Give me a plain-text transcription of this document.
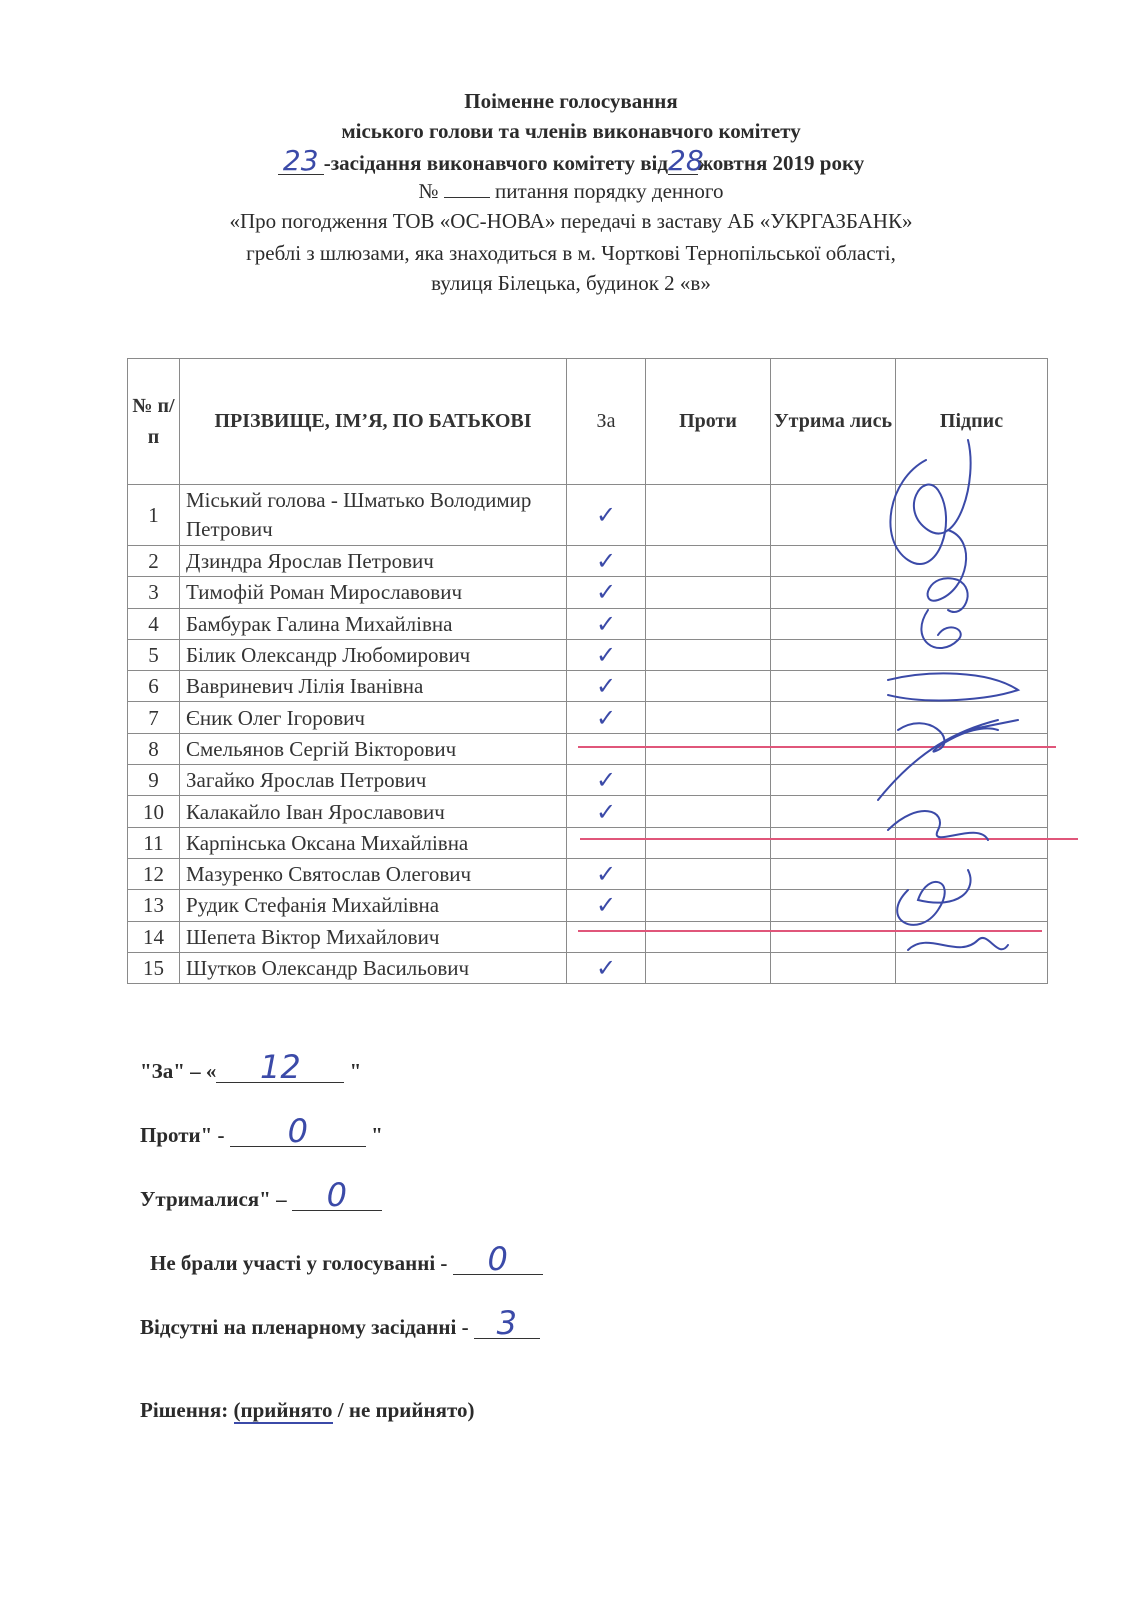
Поіменне голосування
міського голови та членів виконавчого комітету
23 -засідання виконавчого комітету від28жовтня 2019 року
№	питання порядку денного
«Про погодження ТОВ «ОС-НОВА» передачі в заставу АБ «УКРГАЗБАНК»
греблі з шлюзами, яка знаходиться в м. Чорткові Тернопільської області,
вулиця Білецька, будинок 2 «в»
№ п/п	ПРІЗВИЩЕ, ІМ’Я, ПО БАТЬКОВІ	За	Проти	Утрима лись	Підпис
1	Міський голова - Шматько Володимир Петрович	✓			
2	Дзиндра Ярослав Петрович	✓			
3	Тимофій Роман Мирославович	✓			
4	Бамбурак Галина Михайлівна	✓			
5	Білик Олександр Любомирович	✓			
6	Вавриневич Лілія Іванівна	✓			
7	Єник Олег Ігорович	✓			
8	Смельянов Сергій Вікторович				
9	Загайко Ярослав Петрович	✓			
10	Калакайло Іван Ярославович	✓			
11	Карпінська Оксана Михайлівна				
12	Мазуренко Святослав Олегович	✓			
13	Рудик Стефанія Михайлівна	✓			
14	Шепета Віктор Михайлович				
15	Шутков Олександр Васильович	✓			
"За" – « 12 "
Проти" - 0	"
Утрималися" – 0
Не брали участі у голосуванні - 0
Відсутні на пленарному засіданні - 3
Рішення: (прийнято / не прийнято)
